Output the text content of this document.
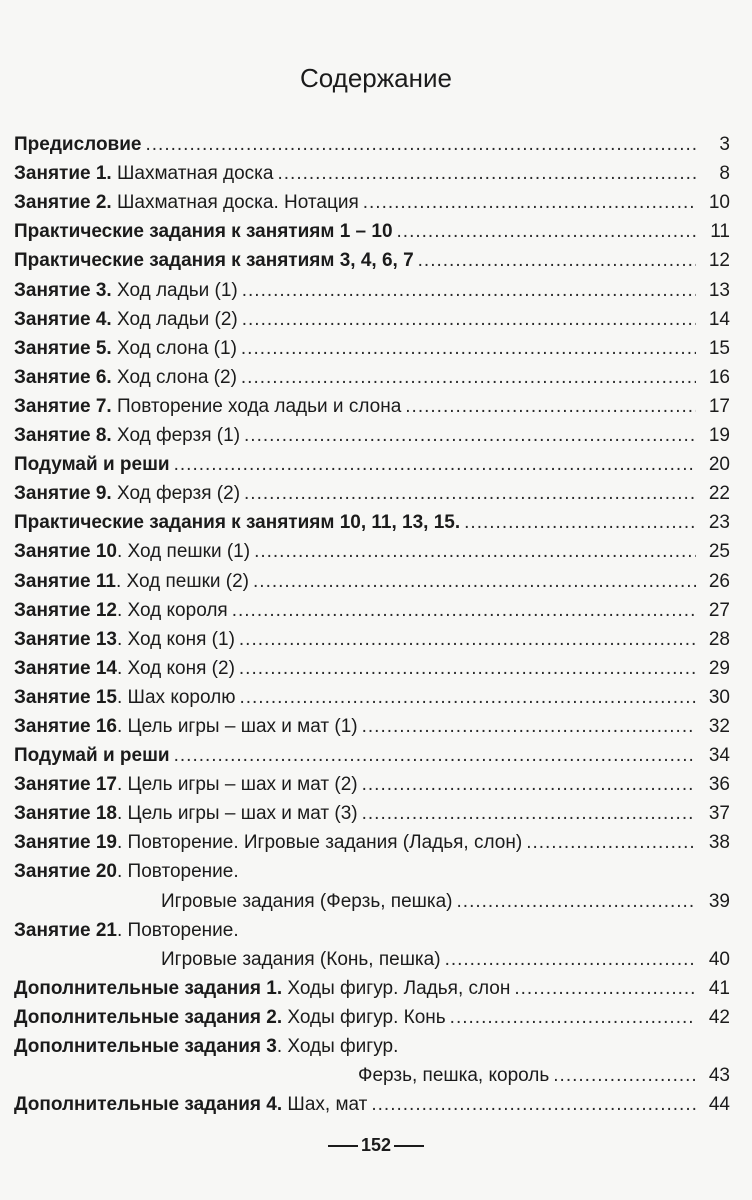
Содержание
Предисловие .....	3
Занятие 1. Шахматная доска .....	8
Занятие 2. Шахматная доска. Нотация .....	10
Практические задания к занятиям 1 – 10 .....	11
Практические задания к занятиям 3, 4, 6, 7 .....	12
Занятие 3. Ход ладьи (1) .....	13
Занятие 4. Ход ладьи (2) .....	14
Занятие 5. Ход слона (1) .....	15
Занятие 6. Ход слона (2) .....	16
Занятие 7. Повторение хода ладьи и слона .....	17
Занятие 8. Ход ферзя (1) .....	19
Подумай и реши .....	20
Занятие 9. Ход ферзя (2) .....	22
Практические задания к занятиям 10, 11, 13, 15. .....	23
Занятие 10. Ход пешки (1) .....	25
Занятие 11. Ход пешки (2) .....	26
Занятие 12. Ход короля .....	27
Занятие 13. Ход коня (1) .....	28
Занятие 14. Ход коня (2) .....	29
Занятие 15. Шах королю .....	30
Занятие 16. Цель игры – шах и мат (1) .....	32
Подумай и реши .....	34
Занятие 17. Цель игры – шах и мат (2) .....	36
Занятие 18. Цель игры – шах и мат (3) .....	37
Занятие 19. Повторение. Игровые задания (Ладья, слон) .....	38
Занятие 20. Повторение.
Игровые задания (Ферзь, пешка) .....	39
Занятие 21. Повторение.
Игровые задания (Конь, пешка) .....	40
Дополнительные задания 1. Ходы фигур. Ладья, слон .....	41
Дополнительные задания 2. Ходы фигур. Конь .....	42
Дополнительные задания 3. Ходы фигур.
Ферзь, пешка, король .....	43
Дополнительные задания 4. Шах, мат .....	44
152
